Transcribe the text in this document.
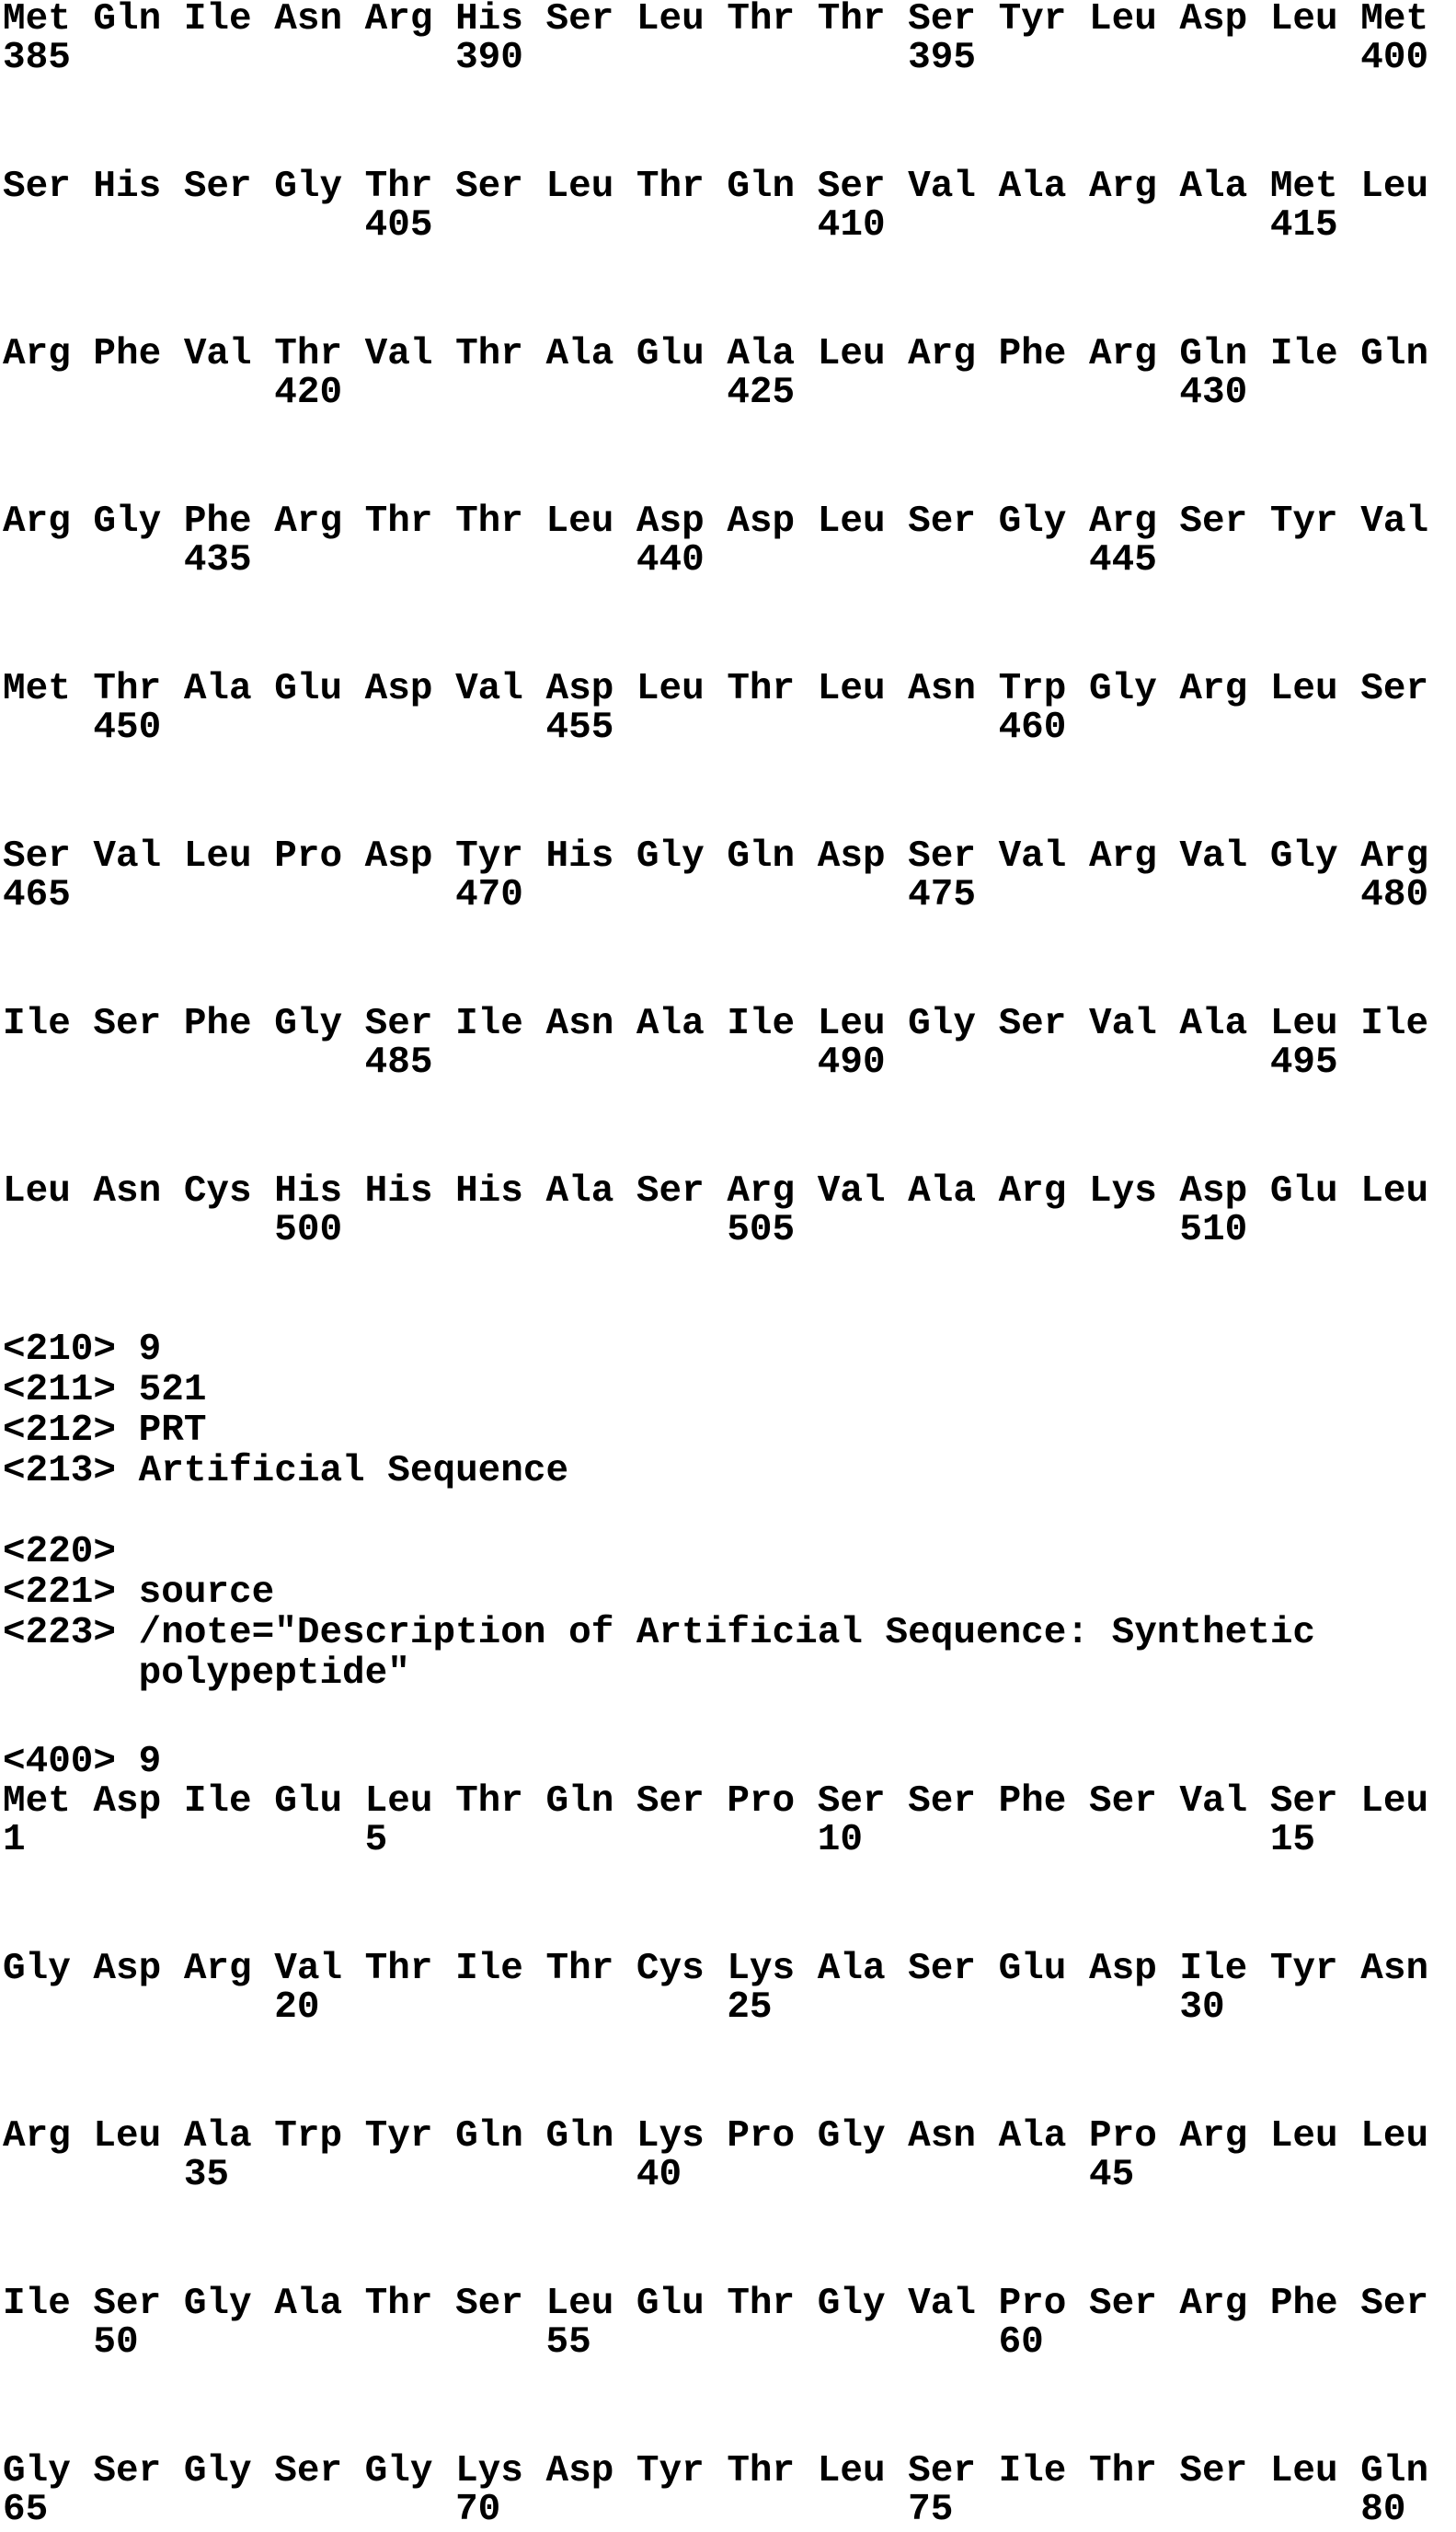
Met Gln Ile Asn Arg His Ser Leu Thr Thr Ser Tyr Leu Asp Leu Met
385                 390                 395                 400
Ser His Ser Gly Thr Ser Leu Thr Gln Ser Val Ala Arg Ala Met Leu
405                 410                 415
Arg Phe Val Thr Val Thr Ala Glu Ala Leu Arg Phe Arg Gln Ile Gln
420                 425                 430
Arg Gly Phe Arg Thr Thr Leu Asp Asp Leu Ser Gly Arg Ser Tyr Val
435                 440                 445
Met Thr Ala Glu Asp Val Asp Leu Thr Leu Asn Trp Gly Arg Leu Ser
450                 455                 460
Ser Val Leu Pro Asp Tyr His Gly Gln Asp Ser Val Arg Val Gly Arg
465                 470                 475                 480
Ile Ser Phe Gly Ser Ile Asn Ala Ile Leu Gly Ser Val Ala Leu Ile
485                 490                 495
Leu Asn Cys His His His Ala Ser Arg Val Ala Arg Lys Asp Glu Leu
500                 505                 510
<210> 9
<211> 521
<212> PRT
<213> Artificial Sequence
<220>
<221> source
<223> /note="Description of Artificial Sequence: Synthetic
polypeptide"
<400> 9
Met Asp Ile Glu Leu Thr Gln Ser Pro Ser Ser Phe Ser Val Ser Leu
1               5                   10                  15
Gly Asp Arg Val Thr Ile Thr Cys Lys Ala Ser Glu Asp Ile Tyr Asn
20                  25                  30
Arg Leu Ala Trp Tyr Gln Gln Lys Pro Gly Asn Ala Pro Arg Leu Leu
35                  40                  45
Ile Ser Gly Ala Thr Ser Leu Glu Thr Gly Val Pro Ser Arg Phe Ser
50                  55                  60
Gly Ser Gly Ser Gly Lys Asp Tyr Thr Leu Ser Ile Thr Ser Leu Gln
65                  70                  75                  80
